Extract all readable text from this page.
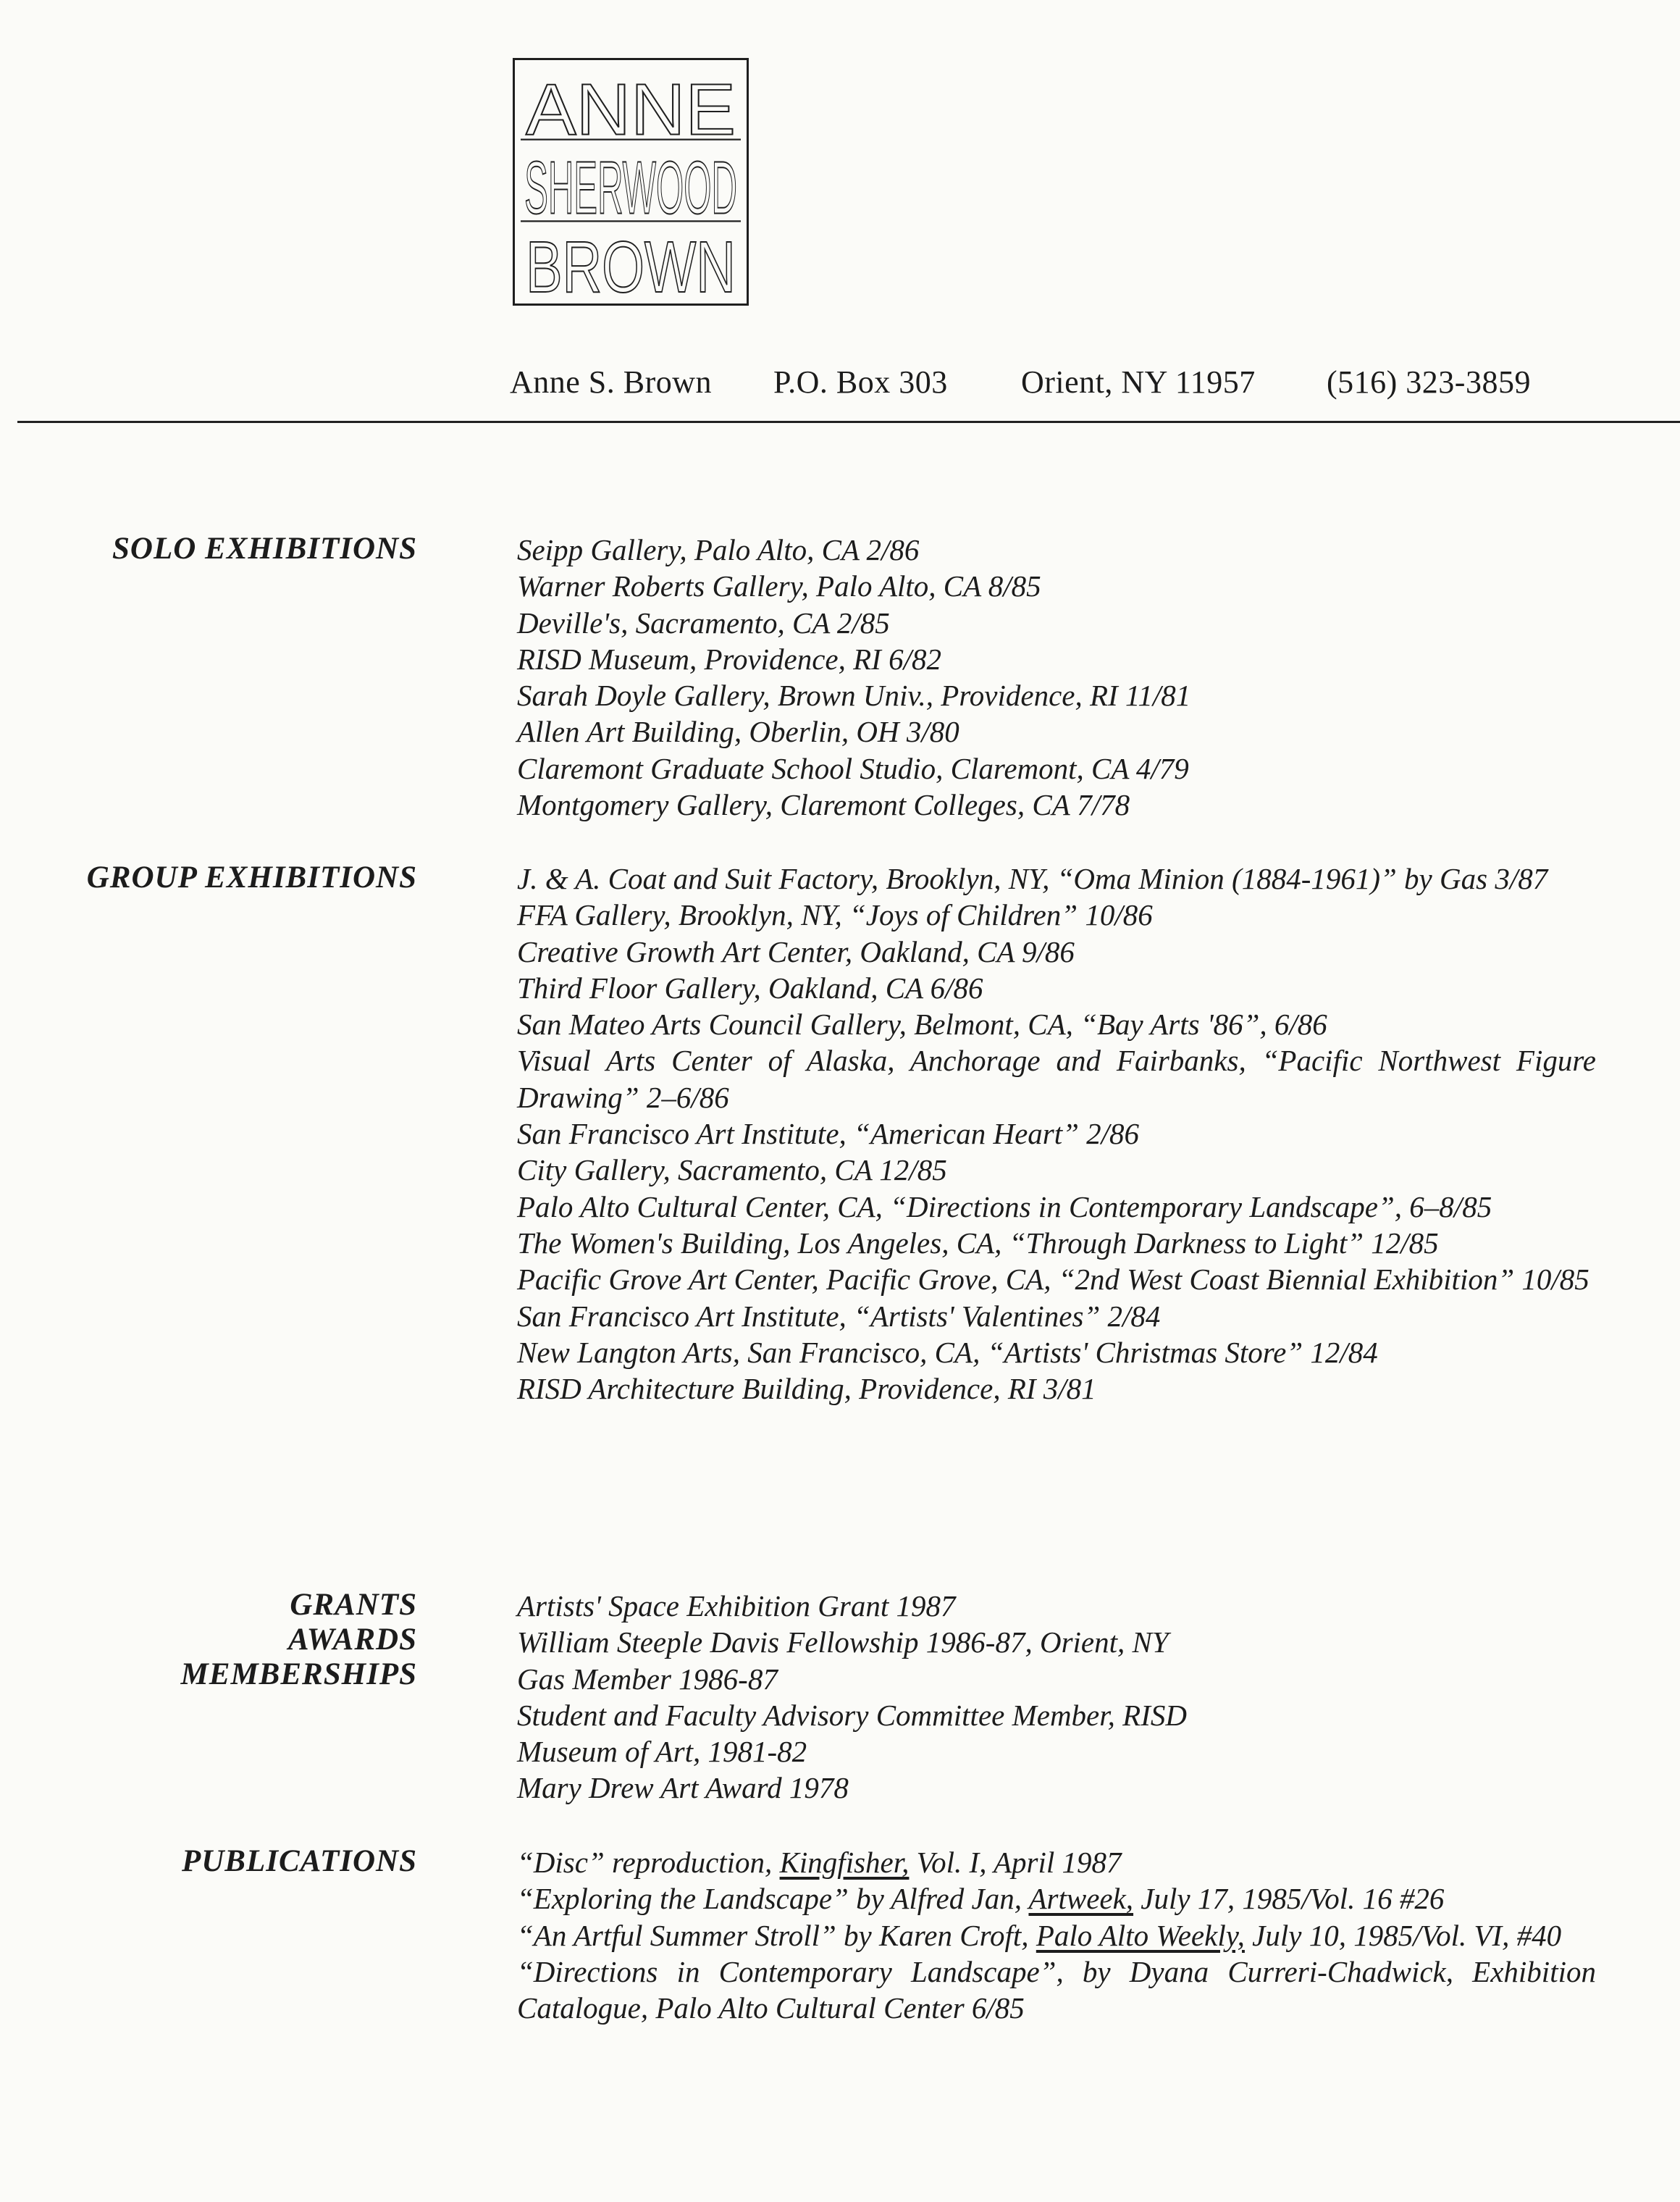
ANNE
SHERWOOD
BROWN
Anne S. Brown P.O. Box 303 Orient, NY 11957 (516) 323-3859
SOLO EXHIBITIONS	Seipp Gallery, Palo Alto, CA 2/86
Warner Roberts Gallery, Palo Alto, CA 8/85
Deville's, Sacramento, CA 2/85
RISD Museum, Providence, RI 6/82
Sarah Doyle Gallery, Brown Univ., Providence, RI 11/81
Allen Art Building, Oberlin, OH 3/80
Claremont Graduate School Studio, Claremont, CA 4/79
Montgomery Gallery, Claremont Colleges, CA 7/78
GROUP EXHIBITIONS	J. & A. Coat and Suit Factory, Brooklyn, NY, “Oma Minion (1884-1961)” by Gas 3/87
FFA Gallery, Brooklyn, NY, “Joys of Children” 10/86
Creative Growth Art Center, Oakland, CA 9/86
Third Floor Gallery, Oakland, CA 6/86
San Mateo Arts Council Gallery, Belmont, CA, “Bay Arts '86”, 6/86
Visual Arts Center of Alaska, Anchorage and Fairbanks, “Pacific Northwest Figure Drawing” 2–6/86
San Francisco Art Institute, “American Heart” 2/86
City Gallery, Sacramento, CA 12/85
Palo Alto Cultural Center, CA, “Directions in Contemporary Landscape”, 6–8/85
The Women's Building, Los Angeles, CA, “Through Darkness to Light” 12/85
Pacific Grove Art Center, Pacific Grove, CA, “2nd West Coast Biennial Exhibition” 10/85
San Francisco Art Institute, “Artists' Valentines” 2/84
New Langton Arts, San Francisco, CA, “Artists' Christmas Store” 12/84
RISD Architecture Building, Providence, RI 3/81
GRANTS
AWARDS
MEMBERSHIPS
Artists' Space Exhibition Grant 1987
William Steeple Davis Fellowship 1986-87, Orient, NY
Gas Member 1986-87
Student and Faculty Advisory Committee Member, RISD
Museum of Art, 1981-82
Mary Drew Art Award 1978
PUBLICATIONS	“Disc” reproduction, Kingfisher, Vol. I, April 1987
“Exploring the Landscape” by Alfred Jan, Artweek, July 17, 1985/Vol. 16 #26
“An Artful Summer Stroll” by Karen Croft, Palo Alto Weekly, July 10, 1985/Vol. VI, #40
“Directions in Contemporary Landscape”, by Dyana Curreri-Chadwick, Exhibition Catalogue, Palo Alto Cultural Center 6/85
